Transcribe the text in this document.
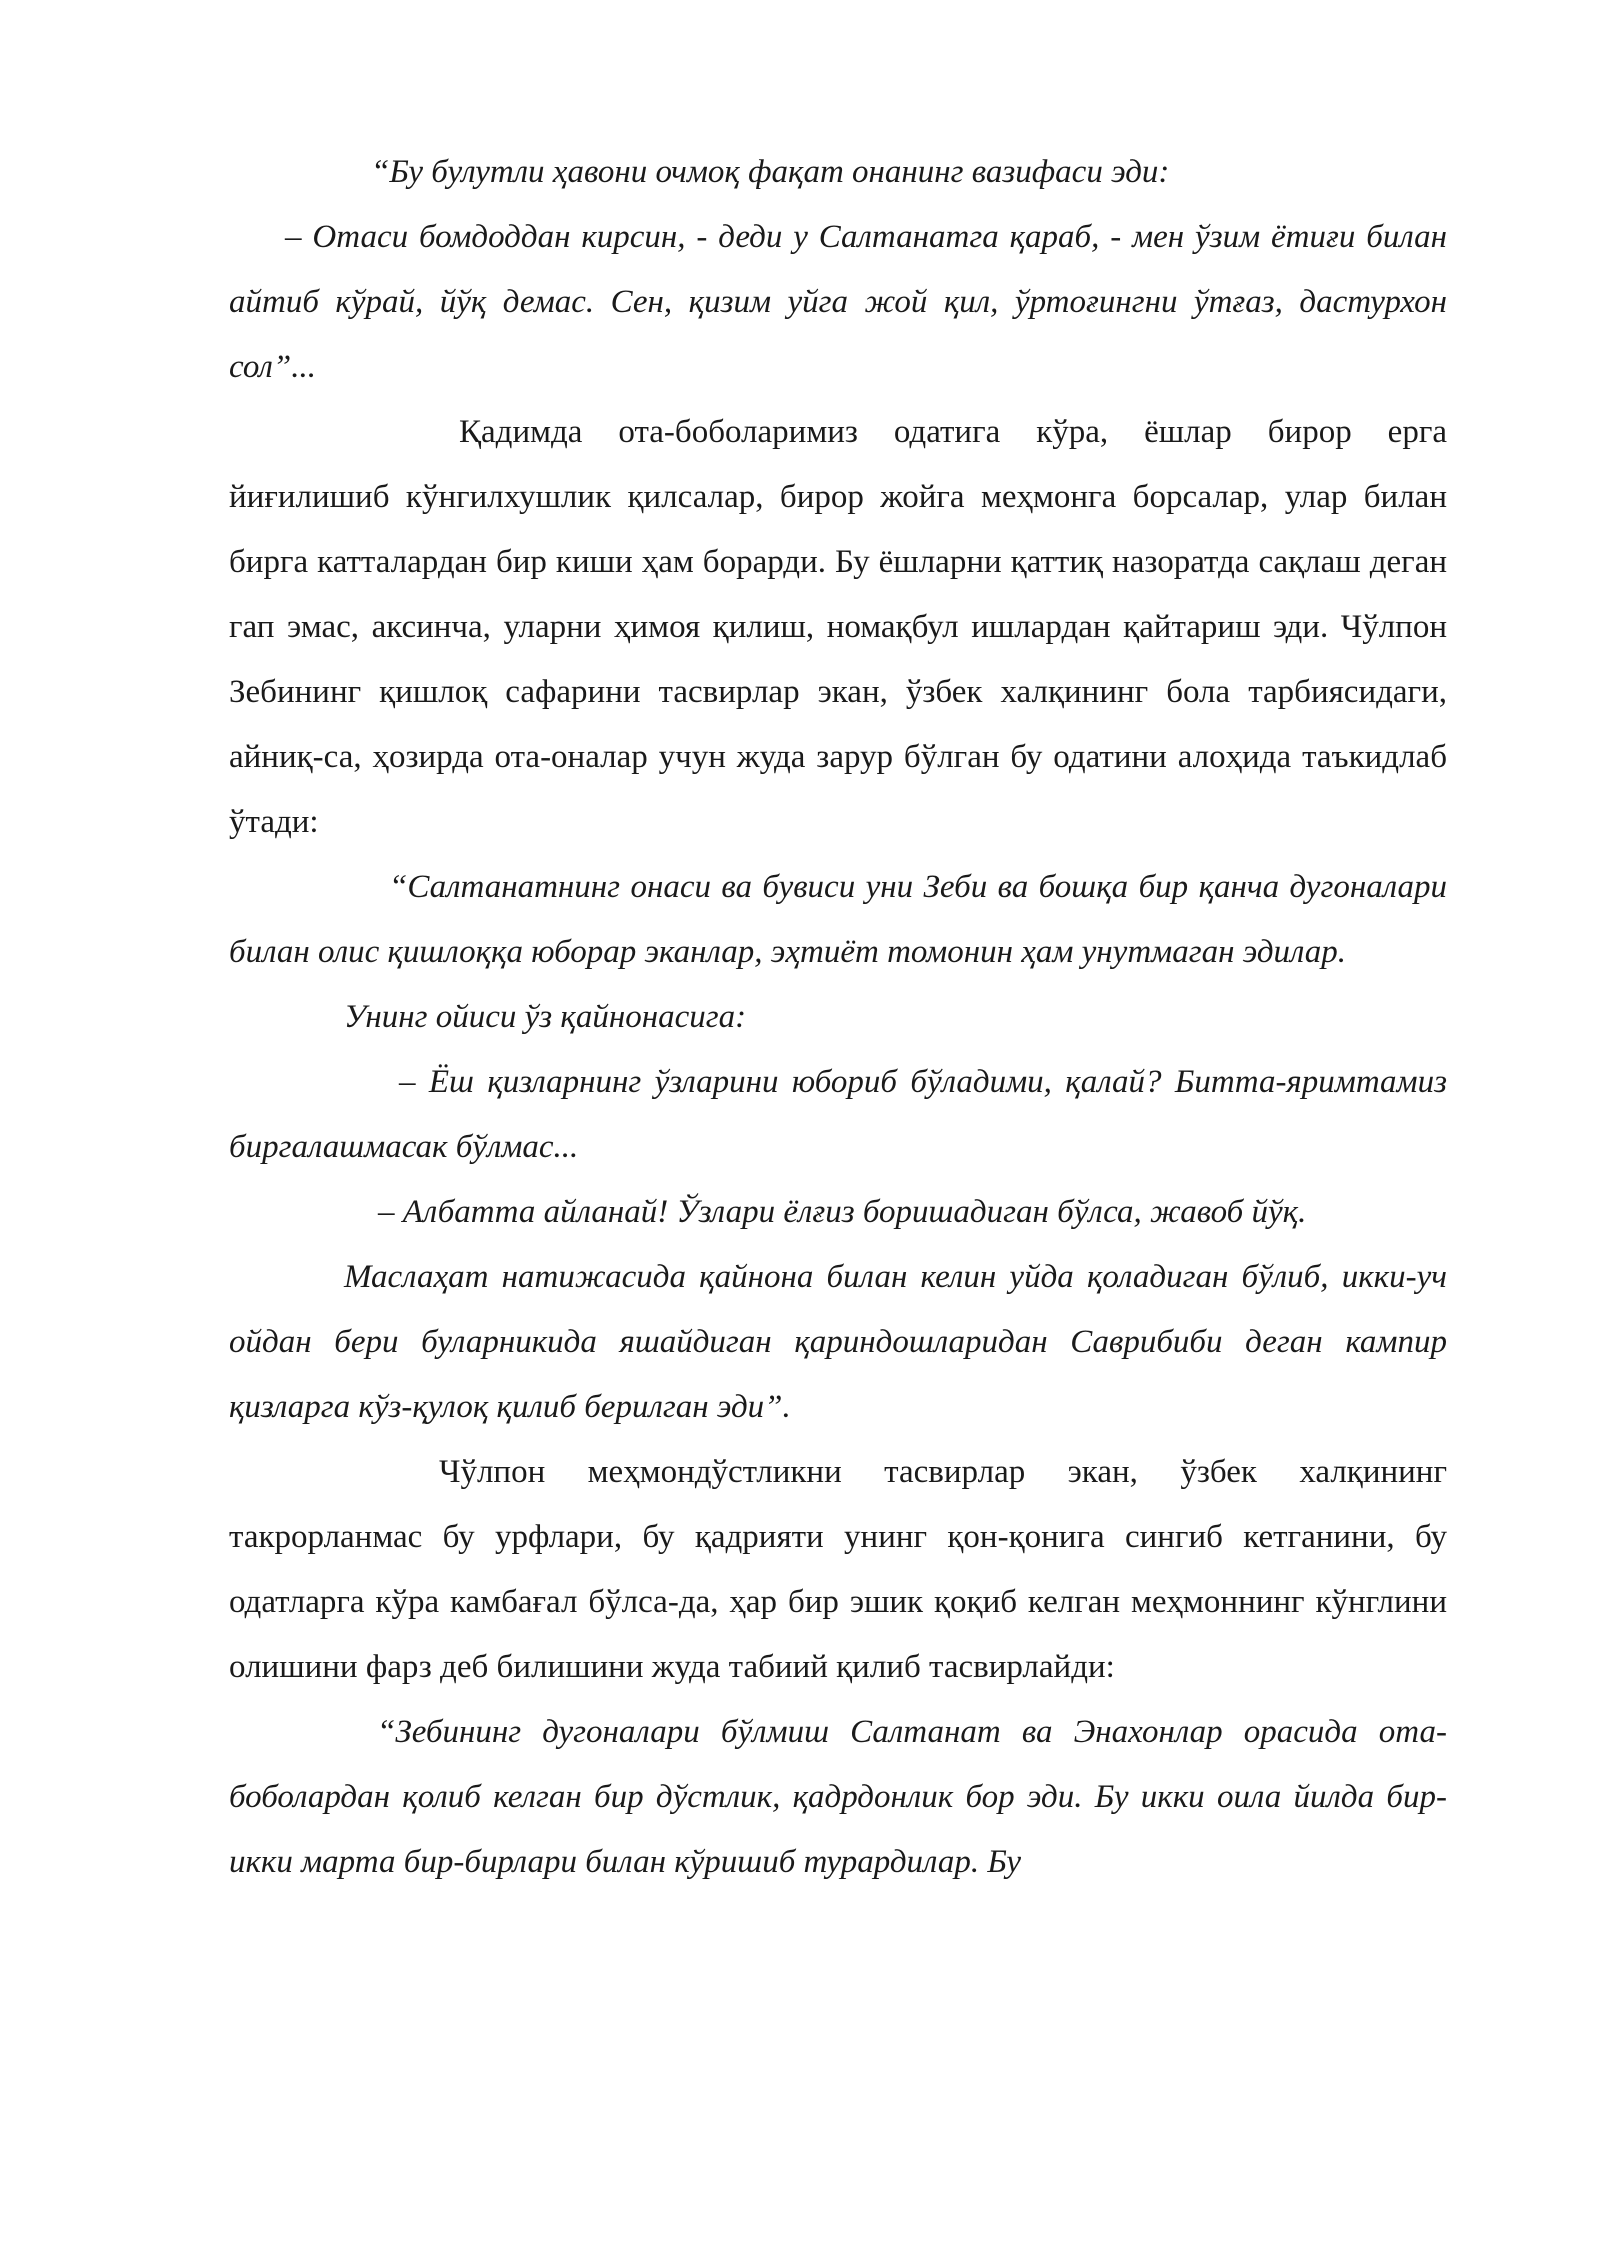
“Бу булутли ҳавони очмоқ фақат онанинг вазифаси эди:

– Отаси бомдоддан кирсин, - деди у Салтанатга қараб, - мен ўзим ётиғи билан айтиб кўрай, йўқ демас. Сен, қизим уйга жой қил, ўртоғингни ўтғаз, дастурхон сол”...

Қадимда ота-боболаримиз одатига кўра, ёшлар бирор ерга йиғилишиб кўнгилхушлик қилсалар, бирор жойга меҳмонга борсалар, улар билан бирга катталардан бир киши ҳам борарди. Бу ёшларни қаттиқ назоратда сақлаш деган гап эмас, аксинча, уларни ҳимоя қилиш, номақбул ишлардан қайтариш эди. Чўлпон Зебининг қишлоқ сафарини тасвирлар экан, ўзбек халқининг бола тарбиясидаги, айниқ-са, ҳозирда ота-оналар учун жуда зарур бўлган бу одатини алоҳида таъкидлаб ўтади:

“Салтанатнинг онаси ва бувиси уни Зеби ва бошқа бир қанча дугоналари билан олис қишлоққа юборар эканлар, эҳтиёт томонин ҳам унутмаган эдилар.

Унинг ойиси ўз қайнонасига:

– Ёш қизларнинг ўзларини юбориб бўладими, қалай? Битта-яримтамиз биргалашмасак бўлмас...

– Албатта айланай! Ўзлари ёлғиз боришадиган бўлса, жавоб йўқ.

Маслаҳат натижасида қайнона билан келин уйда қоладиган бўлиб, икки-уч ойдан бери буларникида яшайдиган қариндошларидан Саврибиби деган кампир қизларга кўз-қулоқ қилиб берилган эди”.

Чўлпон меҳмондўстликни тасвирлар экан, ўзбек халқининг такрорланмас бу урфлари, бу қадрияти унинг қон-қонига сингиб кетганини, бу одатларга кўра камбағал бўлса-да, ҳар бир эшик қоқиб келган меҳмоннинг кўнглини олишини фарз деб билишини жуда табиий қилиб тасвирлайди:

“Зебининг дугоналари бўлмиш Салтанат ва Энахонлар орасида ота-боболардан қолиб келган бир дўстлик, қадрдонлик бор эди. Бу икки оила йилда бир-икки марта бир-бирлари билан кўришиб турардилар. Бу
